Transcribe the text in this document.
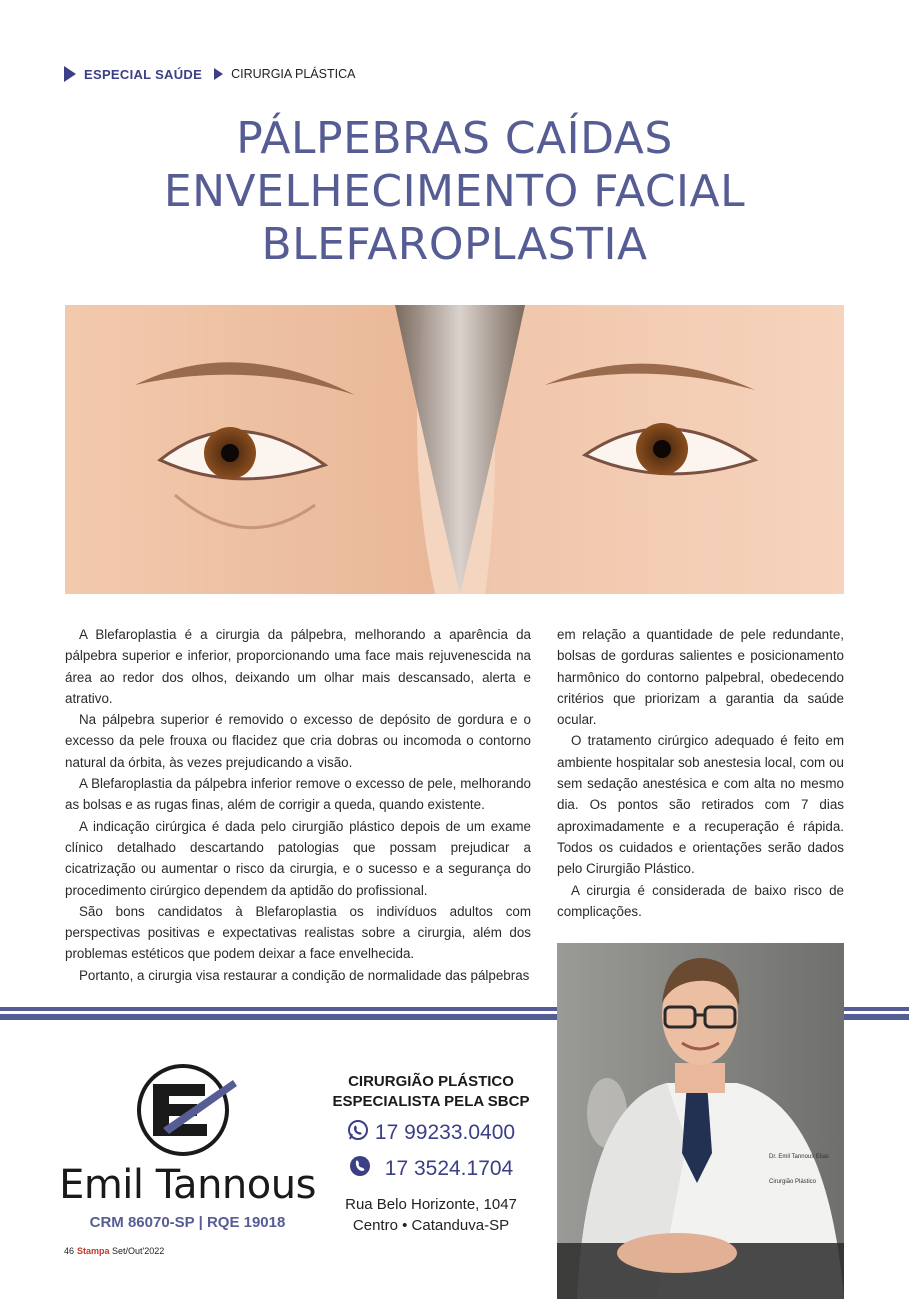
ESPECIAL SAÚDE CIRURGIA PLÁSTICA
PÁLPEBRAS CAÍDAS
ENVELHECIMENTO FACIAL
BLEFAROPLASTIA

A Blefaroplastia é a cirurgia da pálpebra, melhorando a aparência da pálpebra superior e inferior, proporcionando uma face mais rejuvenescida na área ao redor dos olhos, deixando um olhar mais descansado, alerta e atrativo.

Na pálpebra superior é removido o excesso de depósito de gordura e o excesso da pele frouxa ou flacidez que cria dobras ou incomoda o contorno natural da órbita, às vezes prejudicando a visão.

A Blefaroplastia da pálpebra inferior remove o excesso de pele, melhorando as bolsas e as rugas finas, além de corrigir a queda, quando existente.

A indicação cirúrgica é dada pelo cirurgião plástico depois de um exame clínico detalhado descartando patologias que possam prejudicar a cicatrização ou aumentar o risco da cirurgia, e o sucesso e a segurança do procedimento cirúrgico dependem da aptidão do profissional.

São bons candidatos à Blefaroplastia os indivíduos adultos com perspectivas positivas e expectativas realistas sobre a cirurgia, além dos problemas estéticos que podem deixar a face envelhecida.

Portanto, a cirurgia visa restaurar a condição de normalidade das pálpebras

em relação a quantidade de pele redundante, bolsas de gorduras salientes e posicionamento harmônico do contorno palpebral, obedecendo critérios que priorizam a garantia da saúde ocular.

O tratamento cirúrgico adequado é feito em ambiente hospitalar sob anestesia local, com ou sem sedação anestésica e com alta no mesmo dia. Os pontos são retirados com 7 dias aproximadamente e a recuperação é rápida. Todos os cuidados e orientações serão dados pelo Cirurgião Plástico.

A cirurgia é considerada de baixo risco de complicações.

Dr. Emil Tannous Elias
Cirurgião Plástico
Emil Tannous
CRM 86070-SP | RQE 19018
46 Stampa Set/Out'2022
CIRURGIÃO PLÁSTICO
ESPECIALISTA PELA SBCP
17 99233.0400
17 3524.1704
Rua Belo Horizonte, 1047
Centro • Catanduva-SP
